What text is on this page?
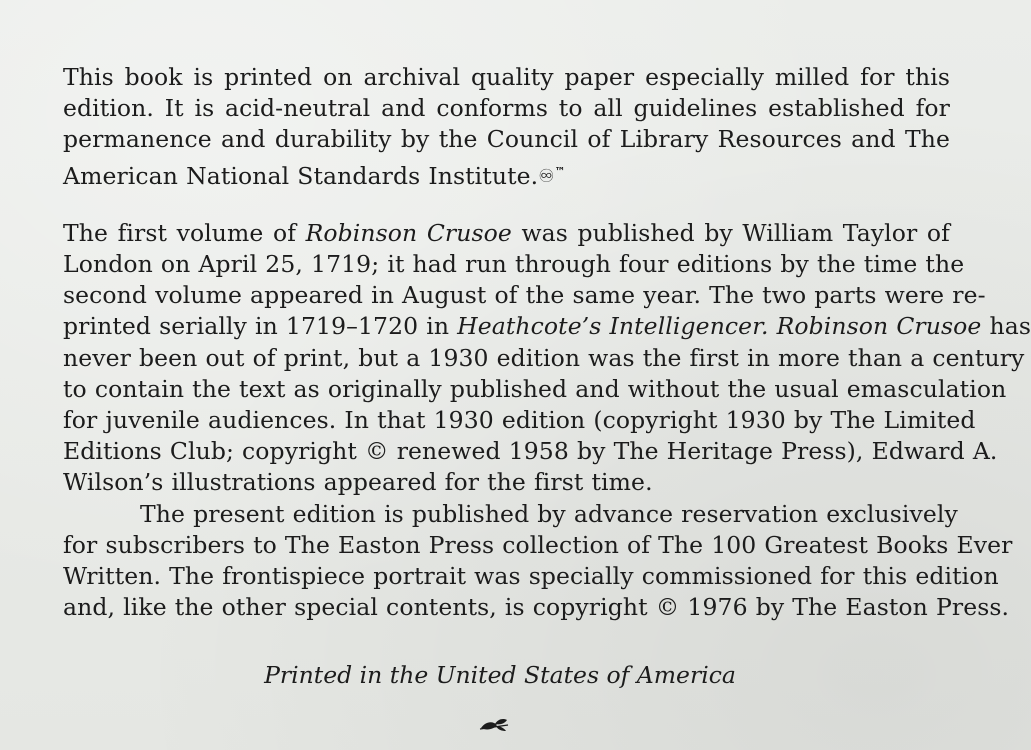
This book is printed on archival quality paper especially milled for this
edition. It is acid-neutral and conforms to all guidelines established for
permanence and durability by the Council of Library Resources and The
American National Standards Institute.♾™
The first volume of Robinson Crusoe was published by William Taylor of
London on April 25, 1719; it had run through four editions by the time the
second volume appeared in August of the same year. The two parts were re-
printed serially in 1719–1720 in Heathcote’s Intelligencer. Robinson Crusoe has
never been out of print, but a 1930 edition was the first in more than a century
to contain the text as originally published and without the usual emasculation
for juvenile audiences. In that 1930 edition (copyright 1930 by The Limited
Editions Club; copyright © renewed 1958 by The Heritage Press), Edward A.
Wilson’s illustrations appeared for the first time.
The present edition is published by advance reservation exclusively
for subscribers to The Easton Press collection of The 100 Greatest Books Ever
Written. The frontispiece portrait was specially commissioned for this edition
and, like the other special contents, is copyright © 1976 by The Easton Press.
Printed in the United States of America
